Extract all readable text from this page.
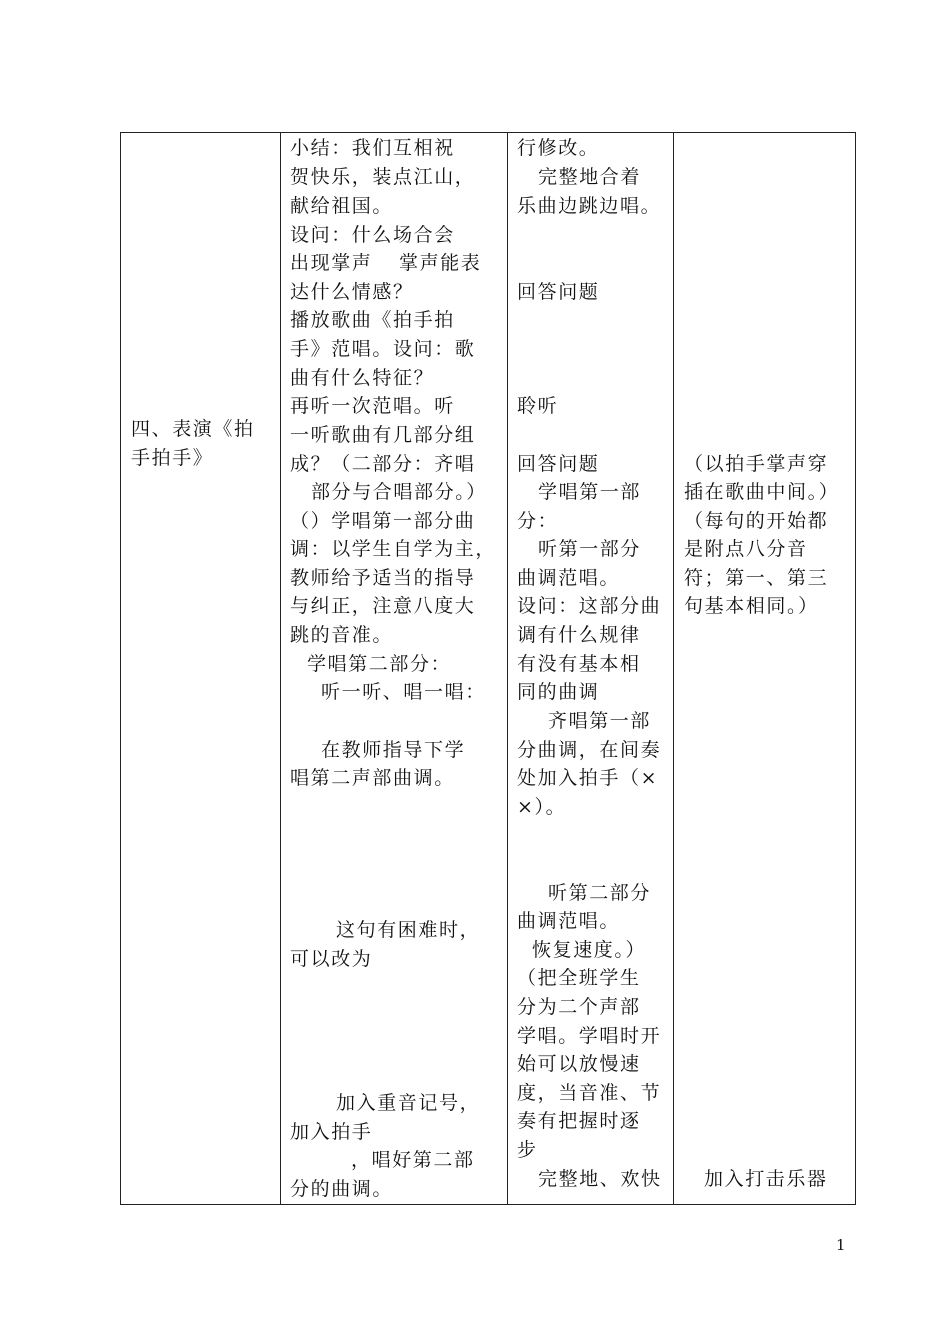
四、表演《拍
手拍手》
小结：我们互相祝
贺快乐，装点江山，
献给祖国。
设问：什么场合会
出现掌声 掌声能表
达什么情感？
播放歌曲《拍手拍
手》范唱。设问：歌
曲有什么特征？
再听一次范唱。听
一听歌曲有几部分组
成？（二部分：齐唱
部分与合唱部分。）
（）学唱第一部分曲
调：以学生自学为主，
教师给予适当的指导
与纠正，注意八度大
跳的音准。
学唱第二部分：
听一听、唱一唱：
在教师指导下学
唱第二声部曲调。
这句有困难时，
可以改为
加入重音记号，
加入拍手
，唱好第二部
分的曲调。
行修改。
完整地合着
乐曲边跳边唱。
回答问题
聆听
回答问题
学唱第一部
分：
听第一部分
曲调范唱。
设问：这部分曲
调有什么规律
有没有基本相
同的曲调
齐唱第一部
分曲调，在间奏
处加入拍手（×
×）。
听第二部分
曲调范唱。
恢复速度。）
（把全班学生
分为二个声部
学唱。学唱时开
始可以放慢速
度，当音准、节
奏有把握时逐
步
完整地、欢快
（以拍手掌声穿
插在歌曲中间。）
（每句的开始都
是附点八分音
符；第一、第三
句基本相同。）
加入打击乐器
1
